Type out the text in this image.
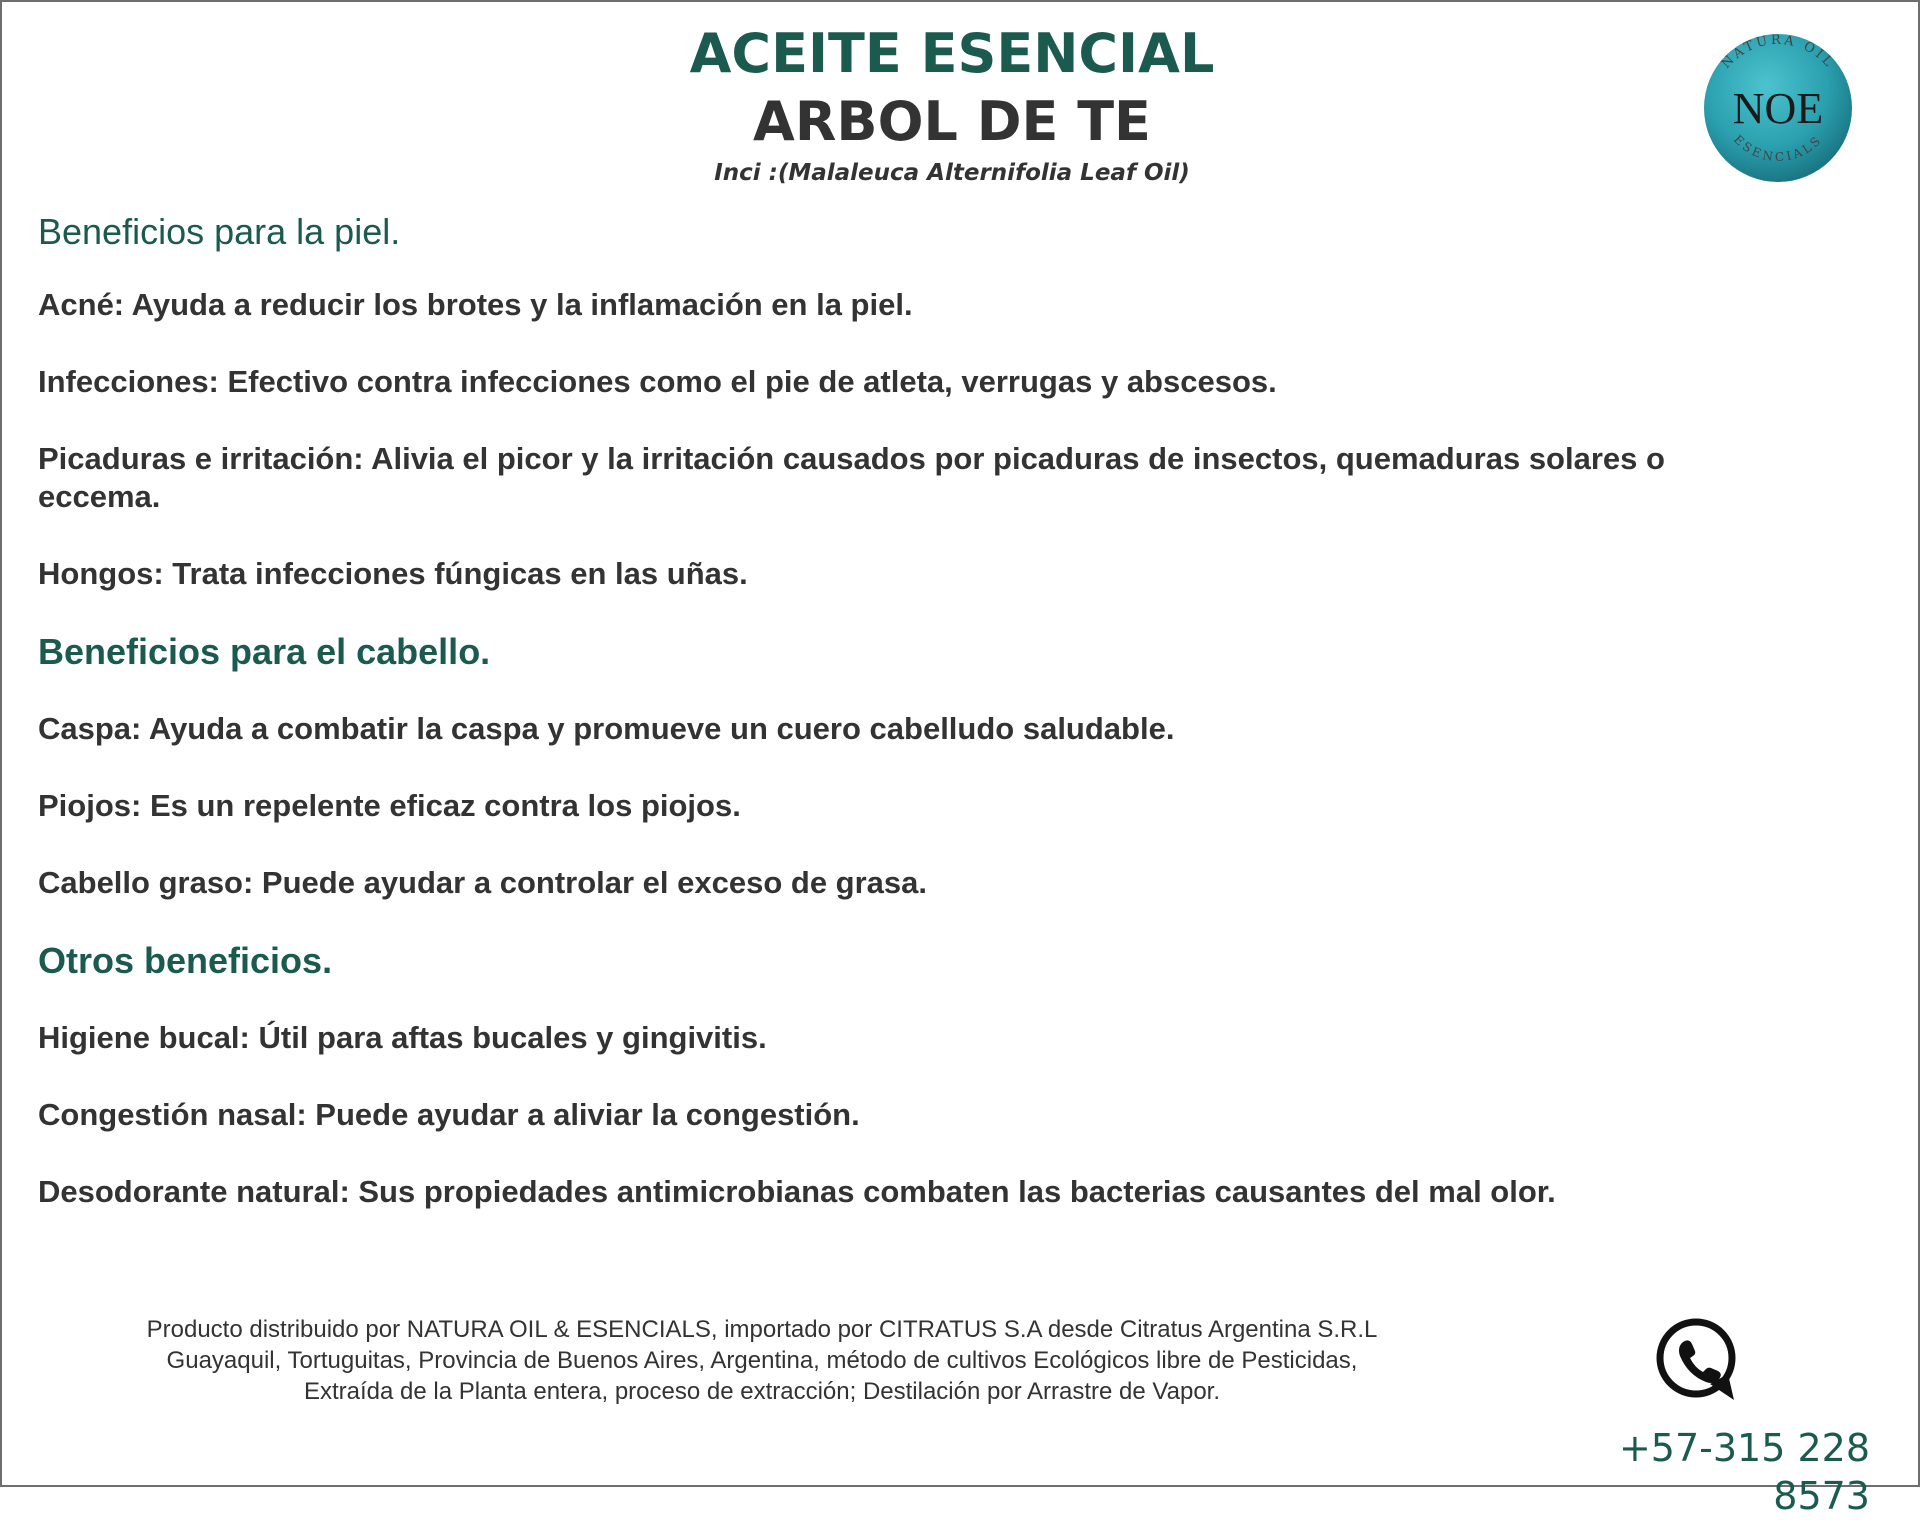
ACEITE ESENCIAL
ARBOL DE TE
Inci :(Malaleuca Alternifolia Leaf Oil)
NATURA OIL
ESENCIALS
NOE
Beneficios para la piel.
Acné: Ayuda a reducir los brotes y la inflamación en la piel.
Infecciones: Efectivo contra infecciones como el pie de atleta, verrugas y abscesos.
Picaduras e irritación: Alivia el picor y la irritación causados por picaduras de insectos, quemaduras solares o
eccema.
Hongos: Trata infecciones fúngicas en las uñas.
Beneficios para el cabello.
Caspa: Ayuda a combatir la caspa y promueve un cuero cabelludo saludable.
Piojos: Es un repelente eficaz contra los piojos.
Cabello graso: Puede ayudar a controlar el exceso de grasa.
Otros beneficios.
Higiene bucal: Útil para aftas bucales y gingivitis.
Congestión nasal: Puede ayudar a aliviar la congestión.
Desodorante natural: Sus propiedades antimicrobianas combaten las bacterias causantes del mal olor.
Producto distribuido por NATURA OIL & ESENCIALS, importado por CITRATUS S.A desde Citratus Argentina S.R.L
Guayaquil, Tortuguitas, Provincia de Buenos Aires, Argentina, método de cultivos Ecológicos libre de Pesticidas,
Extraída de la Planta entera, proceso de extracción; Destilación por Arrastre de Vapor.
+57-315 228 8573
